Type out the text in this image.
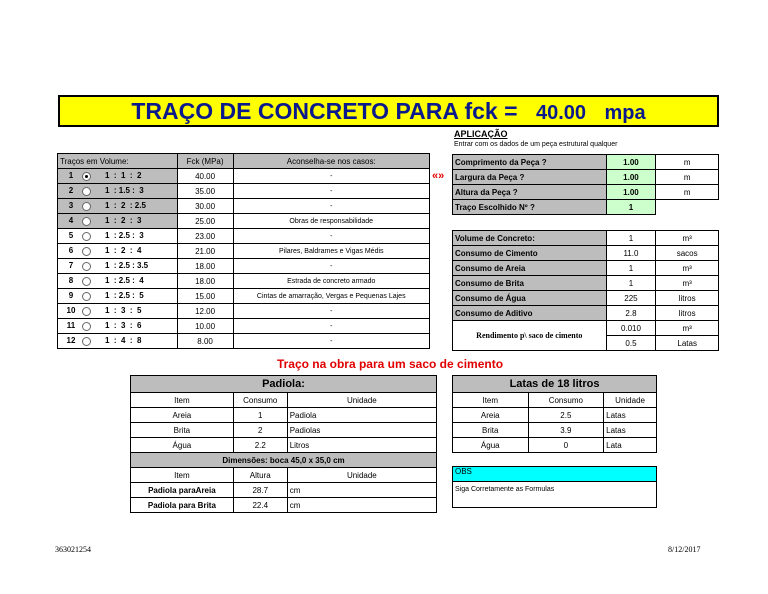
TRAÇO DE CONCRETO PARA fck = 40.00 mpa
APLICAÇÃO
Entrar com os dados de um peça estrutural qualquer
Traços em Volume:	Fck (MPa)	Aconselha-se nos casos:
1 1  :  1  :  2	40.00	-
2 1  : 1.5 :  3	35.00	-
3 1  :  2  : 2.5	30.00	-
4 1  :  2  :  3	25.00	Obras de responsabilidade
5 1  : 2.5 :  3	23.00	-
6 1  :  2  :  4	21.00	Pilares, Baldrames e Vigas Médis
7 1  : 2.5 : 3.5	18.00	-
8 1  : 2.5 :  4	18.00	Estrada de concreto armado
9 1  : 2.5 :  5	15.00	Cintas de amarração, Vergas e Pequenas Lajes
10 1  :  3  :  5	12.00	-
11 1  :  3  :  6	10.00	-
12 1  :  4  :  8	8.00	-
«»
Comprimento da Peça ?	1.00	m
Largura da Peça ?	1.00	m
Altura da Peça ?	1.00	m
Traço Escolhido Nº ?	1	
Volume de Concreto:	1	m³
Consumo de Cimento	11.0	sacos
Consumo de Areia	1	m³
Consumo de Brita	1	m³
Consumo de Água	225	litros
Consumo de Aditivo	2.8	litros
Rendimento p\ saco de cimento	0.010	m³
	0.5	Latas
Traço na obra para um saco de cimento
Padiola:		
Item	Consumo	Unidade
Areia	1	Padiola
Brita	2	Padiolas
Água	2.2	Litros
Dimensões: boca 45,0 x 35,0 cm		
Item	Altura	Unidade
Padiola paraAreia	28.7	cm
Padiola para Brita	22.4	cm
Latas de 18 litros		
Item	Consumo	Unidade
Areia	2.5	Latas
Brita	3.9	Latas
Água	0	Lata
OBS
Siga Corretamente as Formulas
363021254	8/12/2017
